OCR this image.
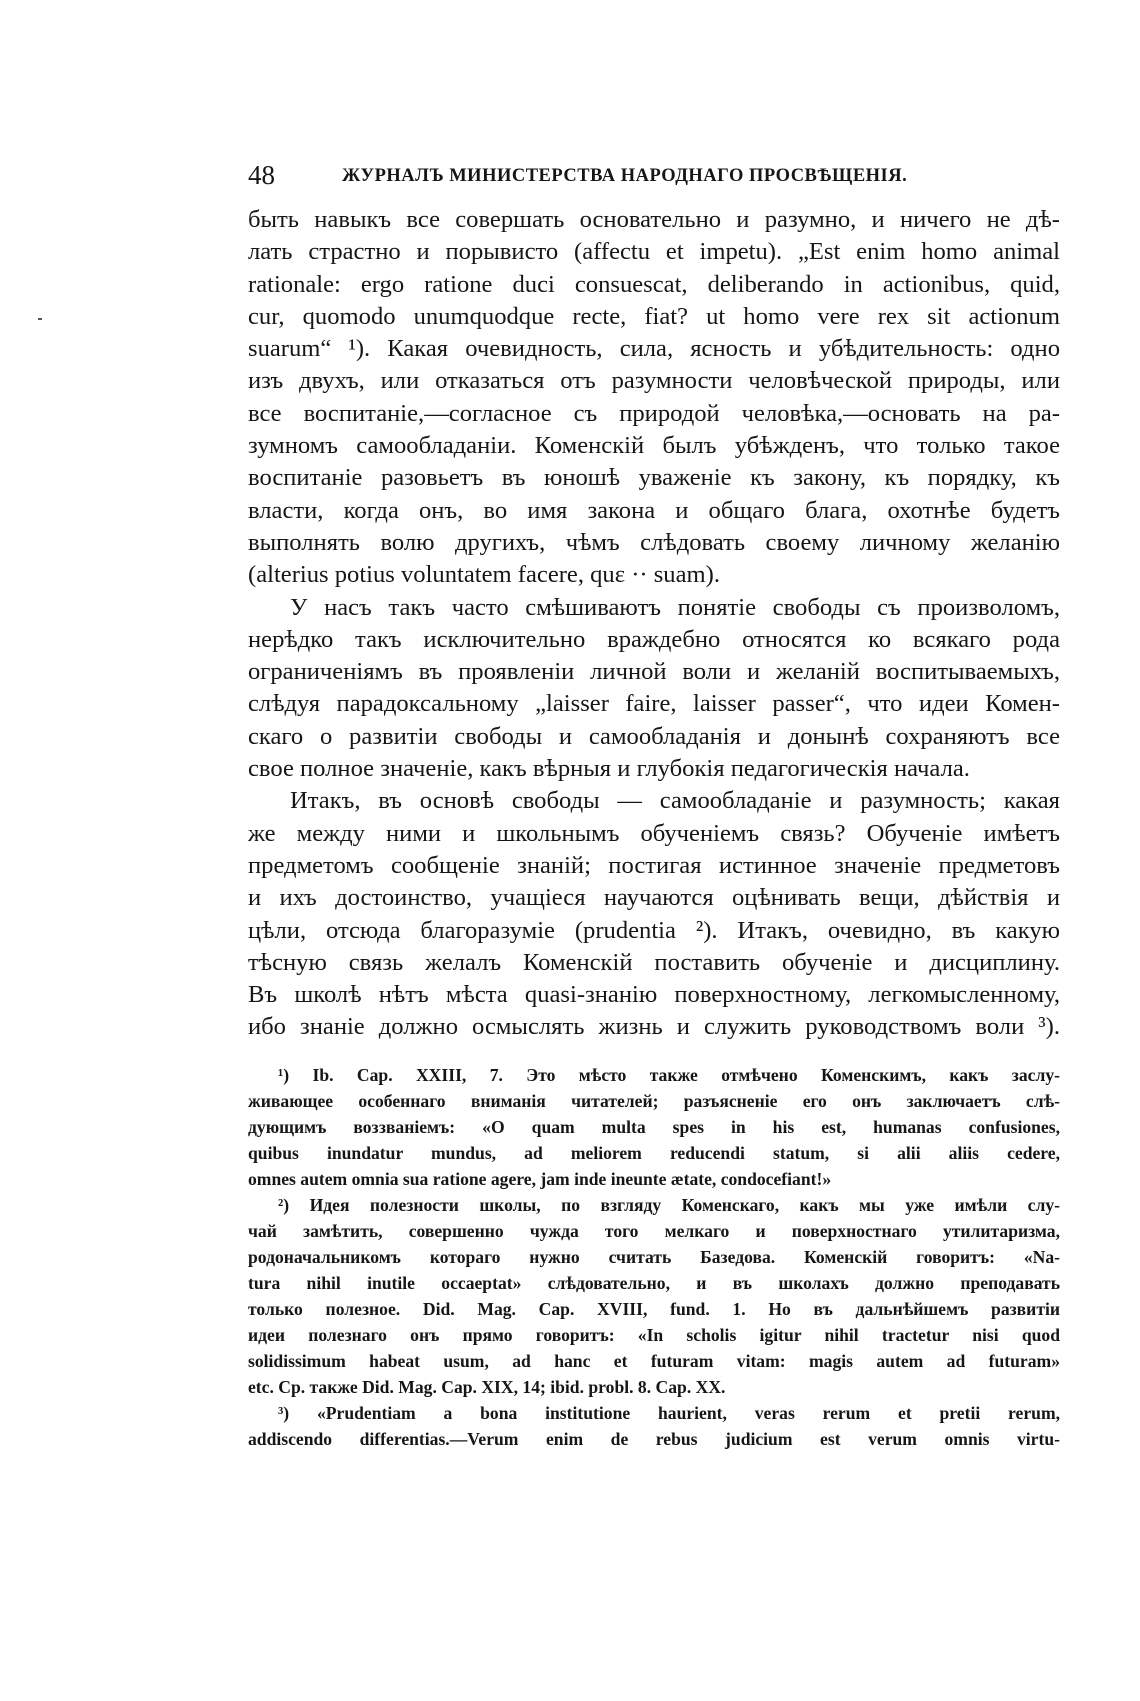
48	ЖУРНАЛЪ МИНИСТЕРСТВА НАРОДНАГО ПРОСВѢЩЕНІЯ.
быть навыкъ все совершать основательно и разумно, и ничего не дѣ-
лать страстно и порывисто (affectu et impetu). „Est enim homo animal
rationale: ergo ratione duci consuescat, deliberando in actionibus, quid,
cur, quomodo unumquodque recte, fiat? ut homo vere rex sit actionum
suarum“ ¹). Какая очевидность, сила, ясность и убѣдительность: одно
изъ двухъ, или отказаться отъ разумности человѣческой природы, или
все воспитаніе,—согласное съ природой человѣка,—основать на ра-
зумномъ самообладаніи. Коменскій былъ убѣжденъ, что только такое
воспитаніе разовьетъ въ юношѣ уваженіе къ закону, къ порядку, къ
власти, когда онъ, во имя закона и общаго блага, охотнѣе будетъ
выполнять волю другихъ, чѣмъ слѣдовать своему личному желанію
(alterius potius voluntatem facere, quε ·· suam).
У насъ такъ часто смѣшиваютъ понятіе свободы съ произволомъ,
нерѣдко такъ исключительно враждебно относятся ко всякаго рода
ограниченіямъ въ проявленіи личной воли и желаній воспитываемыхъ,
слѣдуя парадоксальному „laisser faire, laisser passer“, что идеи Комен-
скаго о развитіи свободы и самообладанія и донынѣ сохраняютъ все
свое полное значеніе, какъ вѣрныя и глубокія педагогическія начала.
Итакъ, въ основѣ свободы — самообладаніе и разумность; какая
же между ними и школьнымъ обученіемъ связь? Обученіе имѣетъ
предметомъ сообщеніе знаній; постигая истинное значеніе предметовъ
и ихъ достоинство, учащіеся научаются оцѣнивать вещи, дѣйствія и
цѣли, отсюда благоразуміе (prudentia ²). Итакъ, очевидно, въ какую
тѣсную связь желалъ Коменскій поставить обученіе и дисциплину.
Въ школѣ нѣтъ мѣста quasi-знанію поверхностному, легкомысленному,
ибо знаніе должно осмыслять жизнь и служить руководствомъ воли ³).
¹) Ib. Cap. XXIII, 7. Это мѣсто также отмѣчено Коменскимъ, какъ заслу-
живающее особеннаго вниманія читателей; разъясненіе его онъ заключаетъ слѣ-
дующимъ воззваніемъ: «O quam multa spes in his est, humanas confusiones,
quibus inundatur mundus, ad meliorem reducendi statum, si alii aliis cedere,
omnes autem omnia sua ratione agere, jam inde ineunte ætate, condocefiant!»
²) Идея полезности школы, по взгляду Коменскаго, какъ мы уже имѣли слу-
чай замѣтить, совершенно чужда того мелкаго и поверхностнаго утилитаризма,
родоначальникомъ котораго нужно считать Базедова. Коменскій говоритъ: «Na-
tura nihil inutile occaeptat» слѣдовательно, и въ школахъ должно преподавать
только полезное. Did. Mag. Cap. XVIII, fund. 1. Но въ дальнѣйшемъ развитіи
идеи полезнаго онъ прямо говоритъ: «In scholis igitur nihil tractetur nisi quod
solidissimum habeat usum, ad hanc et futuram vitam: magis autem ad futuram»
etc. Ср. также Did. Mag. Cap. XIX, 14; ibid. probl. 8. Cap. XX.
³) «Prudentiam a bona institutione haurient, veras rerum et pretii rerum,
addiscendo differentias.—Verum enim de rebus judicium est verum omnis virtu-
